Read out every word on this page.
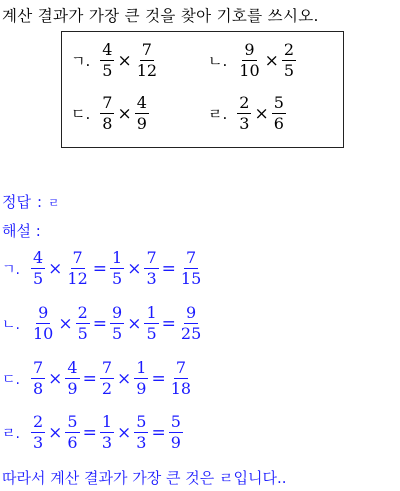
계산 결과가 가장 큰 것을 찾아 기호를 쓰시오.
ㄱ. $\frac{4}{5} \times \frac{7}{12}$	ㄴ. $\frac{9}{10} \times \frac{2}{5}$
ㄷ. $\frac{7}{8} \times \frac{4}{9}$	ㄹ. $\frac{2}{3} \times \frac{5}{6}$
정답 : ㄹ
해설 :
ㄱ. $\frac{4}{5} \times \frac{7}{12} = \frac{1}{5} \times \frac{7}{3} = \frac{7}{15}$
ㄴ. $\frac{9}{10} \times \frac{2}{5} = \frac{9}{5} \times \frac{1}{5} = \frac{9}{25}$
ㄷ. $\frac{7}{8} \times \frac{4}{9} = \frac{7}{2} \times \frac{1}{9} = \frac{7}{18}$
ㄹ. $\frac{2}{3} \times \frac{5}{6} = \frac{1}{3} \times \frac{5}{3} = \frac{5}{9}$
따라서 계산 결과가 가장 큰 것은 ㄹ입니다..
